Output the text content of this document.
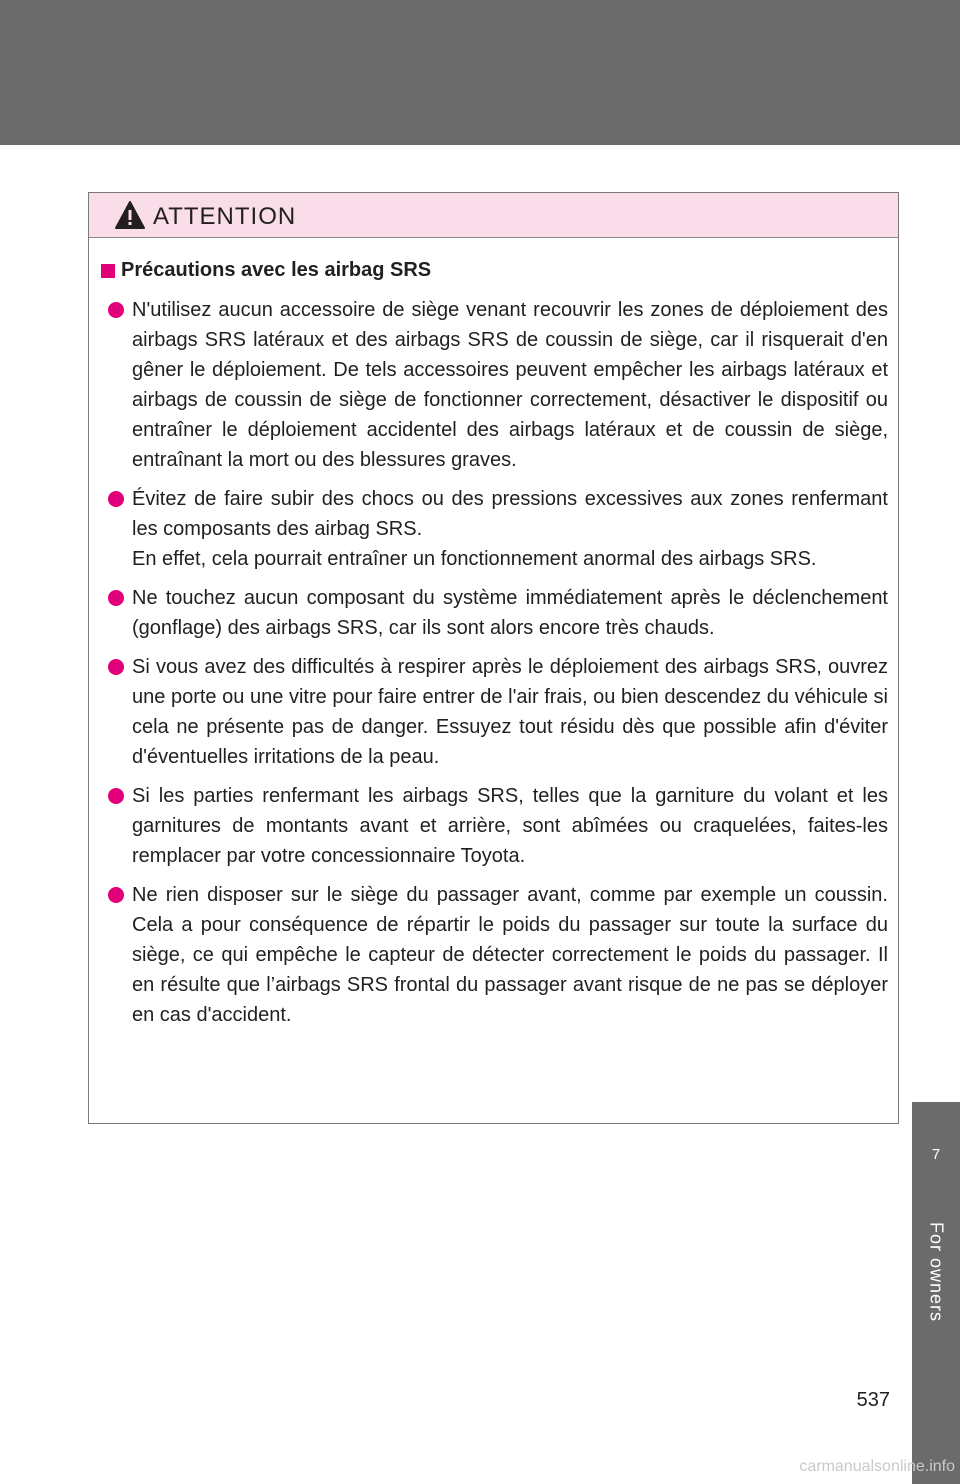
ATTENTION
Précautions avec les airbag SRS

N'utilisez aucun accessoire de siège venant recouvrir les zones de déploiement des airbags SRS latéraux et des airbags SRS de coussin de siège, car il risquerait d'en gêner le déploiement. De tels accessoires peuvent empêcher les airbags latéraux et airbags de coussin de siège de fonctionner correctement, désactiver le dispositif ou entraîner le déploiement accidentel des airbags latéraux et de coussin de siège, entraînant la mort ou des blessures graves.

Évitez de faire subir des chocs ou des pressions excessives aux zones renfermant les composants des airbag SRS.

En effet, cela pourrait entraîner un fonctionnement anormal des airbags SRS.

Ne touchez aucun composant du système immédiatement après le déclenchement (gonflage) des airbags SRS, car ils sont alors encore très chauds.

Si vous avez des difficultés à respirer après le déploiement des airbags SRS, ouvrez une porte ou une vitre pour faire entrer de l'air frais, ou bien descendez du véhicule si cela ne présente pas de danger. Essuyez tout résidu dès que possible afin d'éviter d'éventuelles irritations de la peau.

Si les parties renfermant les airbags SRS, telles que la garniture du volant et les garnitures de montants avant et arrière, sont abîmées ou craquelées, faites-les remplacer par votre concessionnaire Toyota.

Ne rien disposer sur le siège du passager avant, comme par exemple un coussin. Cela a pour conséquence de répartir le poids du passager sur toute la surface du siège, ce qui empêche le capteur de détecter correctement le poids du passager. Il en résulte que l’airbags SRS frontal du passager avant risque de ne pas se déployer en cas d'accident.

7
For owners
537
carmanualsonline.info
